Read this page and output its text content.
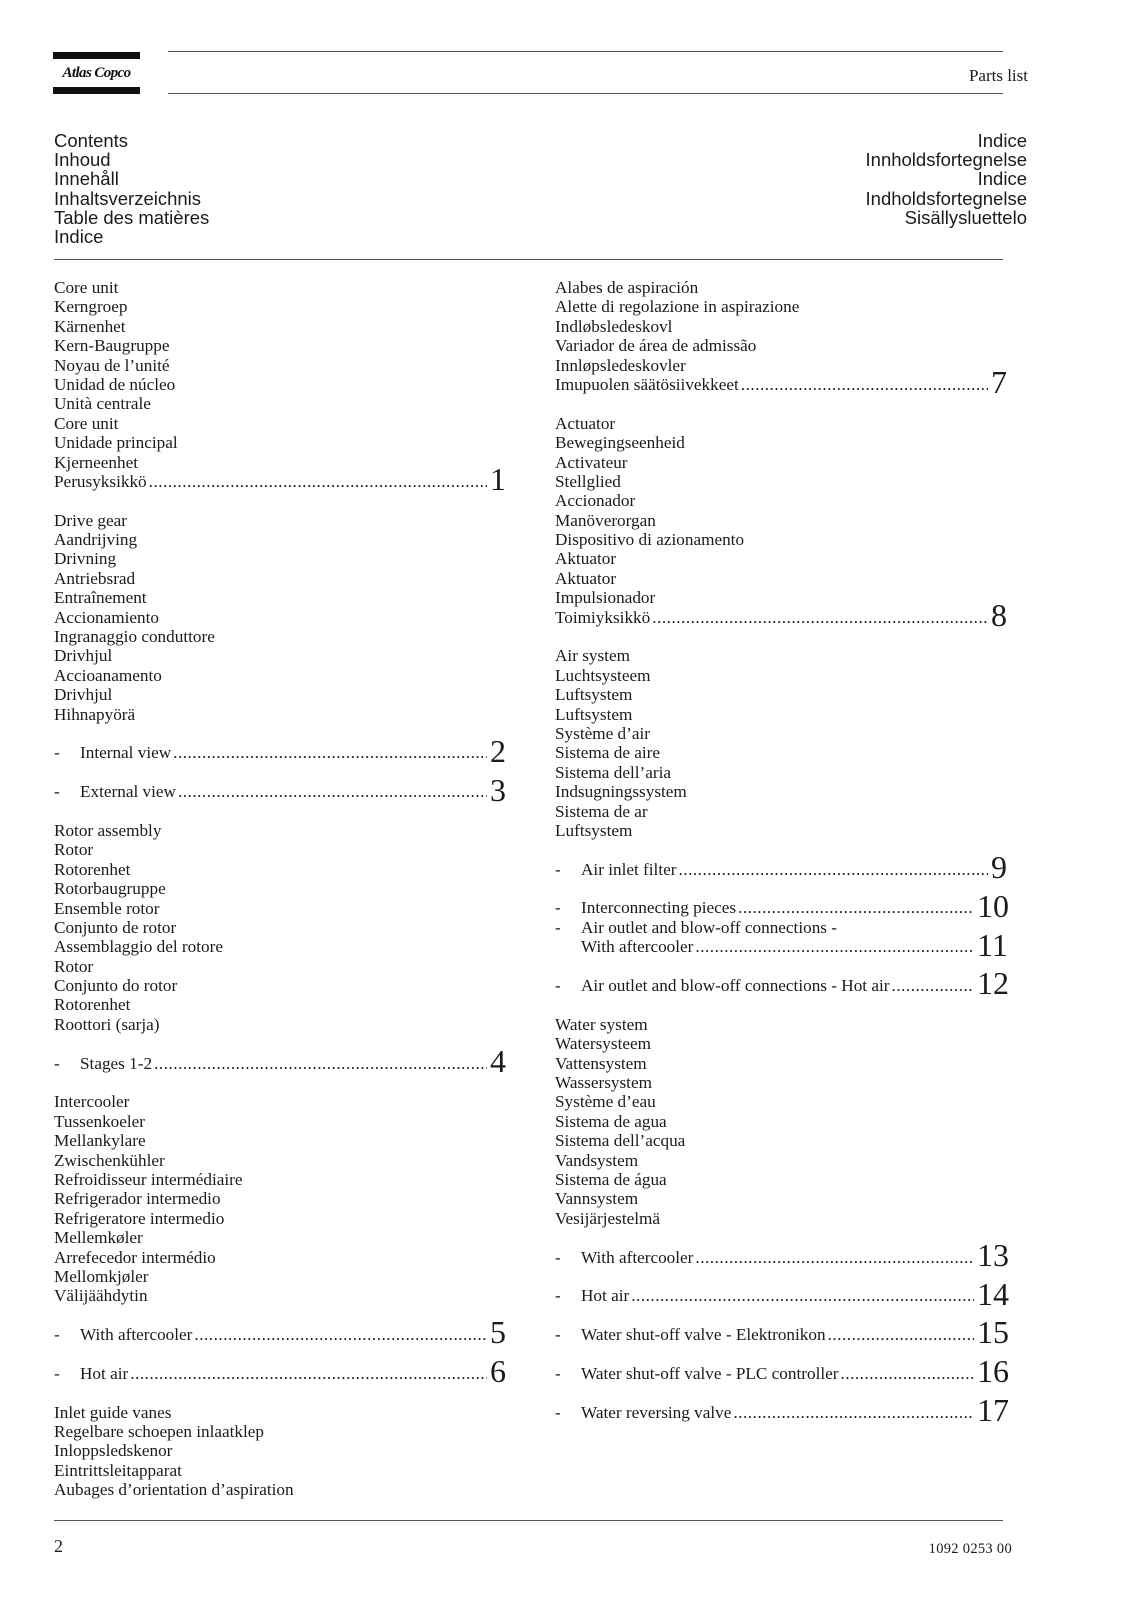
Atlas Copco	Parts list
Contents
Inhoud
Innehåll
Inhaltsverzeichnis
Table des matières
Indice
Indice
Innholdsfortegnelse
Indice
Indholdsfortegnelse
Sisällysluettelo
Core unit
Kerngroep
Kärnenhet
Kern-Baugruppe
Noyau de l’unité
Unidad de núcleo
Unità centrale
Core unit
Unidade principal
Kjerneenhet
Perusyksikkö .....	1
Drive gear
Aandrijving
Drivning
Antriebsrad
Entraînement
Accionamiento
Ingranaggio conduttore
Drivhjul
Accioanamento
Drivhjul
Hihnapyörä
-	Internal view .....	2
-	External view .....	3
Rotor assembly
Rotor
Rotorenhet
Rotorbaugruppe
Ensemble rotor
Conjunto de rotor
Assemblaggio del rotore
Rotor
Conjunto do rotor
Rotorenhet
Roottori (sarja)
-	Stages 1-2 .....	4
Intercooler
Tussenkoeler
Mellankylare
Zwischenkühler
Refroidisseur intermédiaire
Refrigerador intermedio
Refrigeratore intermedio
Mellemkøler
Arrefecedor intermédio
Mellomkjøler
Välijäähdytin
-	With aftercooler .....	5
-	Hot air .....	6
Inlet guide vanes
Regelbare schoepen inlaatklep
Inloppsledskenor
Eintrittsleitapparat
Aubages d’orientation d’aspiration
Alabes de aspiración
Alette di regolazione in aspirazione
Indløbsledeskovl
Variador de área de admissão
Innløpsledeskovler
Imupuolen säätösiivekkeet .....	7
Actuator
Bewegingseenheid
Activateur
Stellglied
Accionador
Manöverorgan
Dispositivo di azionamento
Aktuator
Aktuator
Impulsionador
Toimiyksikkö .....	8
Air system
Luchtsysteem
Luftsystem
Luftsystem
Système d’air
Sistema de aire
Sistema dell’aria
Indsugningssystem
Sistema de ar
Luftsystem
-	Air inlet filter .....	9
-	Interconnecting pieces .....	10
-	Air outlet and blow-off connections -
With aftercooler .....	11
-	Air outlet and blow-off connections - Hot air .....	12
Water system
Watersysteem
Vattensystem
Wassersystem
Système d’eau
Sistema de agua
Sistema dell’acqua
Vandsystem
Sistema de água
Vannsystem
Vesijärjestelmä
-	With aftercooler .....	13
-	Hot air .....	14
-	Water shut-off valve - Elektronikon .....	15
-	Water shut-off valve - PLC controller .....	16
-	Water reversing valve .....	17
2	1092 0253 00
